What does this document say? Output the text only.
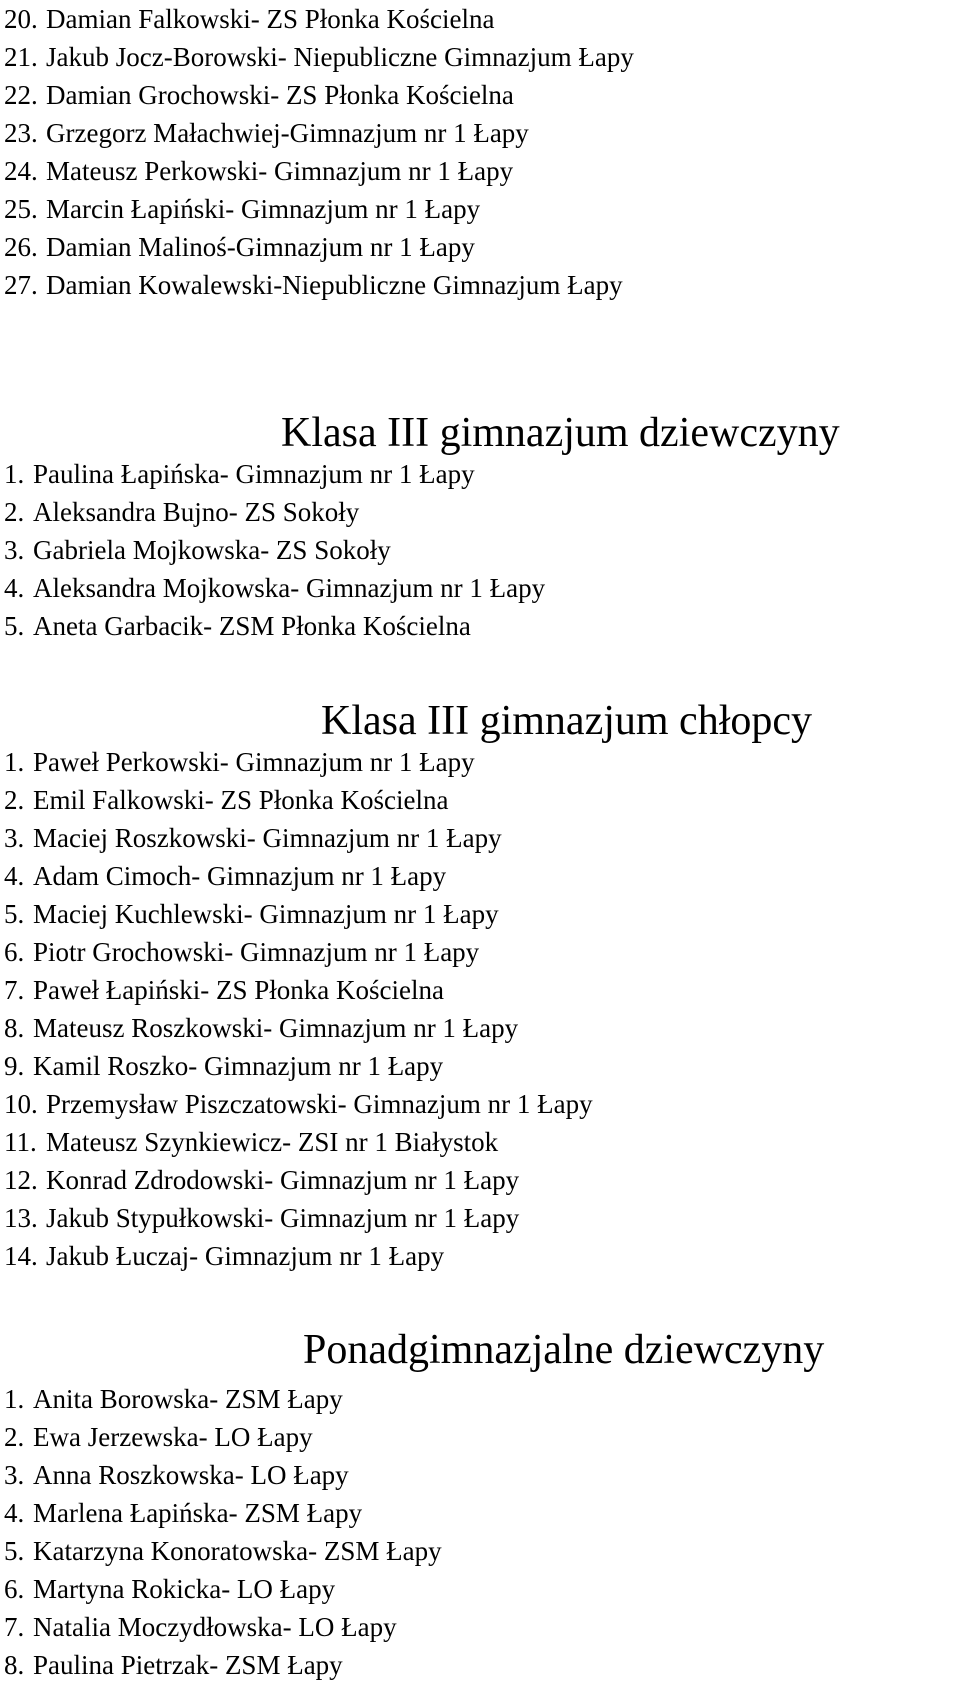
20. Damian Falkowski- ZS Płonka Kościelna
21. Jakub Jocz-Borowski- Niepubliczne Gimnazjum Łapy
22. Damian Grochowski- ZS Płonka Kościelna
23. Grzegorz Małachwiej-Gimnazjum nr 1 Łapy
24. Mateusz Perkowski- Gimnazjum nr 1 Łapy
25. Marcin Łapiński- Gimnazjum nr 1 Łapy
26. Damian Malinoś-Gimnazjum nr 1 Łapy
27. Damian Kowalewski-Niepubliczne Gimnazjum Łapy
Klasa III gimnazjum dziewczyny
1. Paulina Łapińska- Gimnazjum nr 1 Łapy
2. Aleksandra Bujno- ZS Sokoły
3. Gabriela Mojkowska- ZS Sokoły
4. Aleksandra Mojkowska- Gimnazjum nr 1 Łapy
5. Aneta Garbacik- ZSM Płonka Kościelna
Klasa III gimnazjum chłopcy
1. Paweł Perkowski- Gimnazjum nr 1 Łapy
2. Emil Falkowski- ZS Płonka Kościelna
3. Maciej Roszkowski- Gimnazjum nr 1 Łapy
4. Adam Cimoch- Gimnazjum nr 1 Łapy
5. Maciej Kuchlewski- Gimnazjum nr 1 Łapy
6. Piotr Grochowski- Gimnazjum nr 1 Łapy
7. Paweł Łapiński- ZS Płonka Kościelna
8. Mateusz Roszkowski- Gimnazjum nr 1 Łapy
9. Kamil Roszko- Gimnazjum nr 1 Łapy
10. Przemysław Piszczatowski- Gimnazjum nr 1 Łapy
11. Mateusz Szynkiewicz- ZSI nr 1 Białystok
12. Konrad Zdrodowski- Gimnazjum nr 1 Łapy
13. Jakub Stypułkowski- Gimnazjum nr 1 Łapy
14. Jakub Łuczaj- Gimnazjum nr 1 Łapy
Ponadgimnazjalne dziewczyny
1. Anita Borowska- ZSM Łapy
2. Ewa Jerzewska- LO Łapy
3. Anna Roszkowska- LO Łapy
4. Marlena Łapińska- ZSM Łapy
5. Katarzyna Konoratowska- ZSM Łapy
6. Martyna Rokicka- LO Łapy
7. Natalia Moczydłowska- LO Łapy
8. Paulina Pietrzak- ZSM Łapy
